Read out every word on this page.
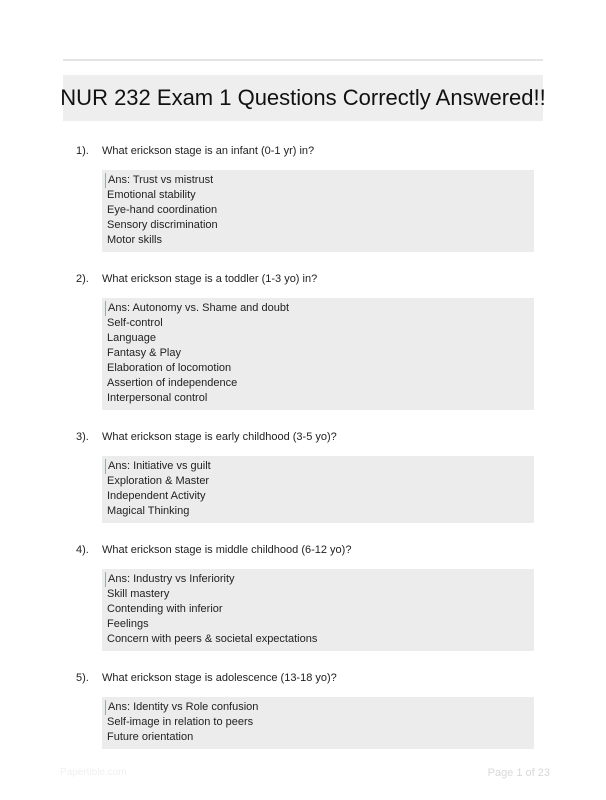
NUR 232 Exam 1 Questions Correctly Answered!!
1). What erickson stage is an infant (0-1 yr) in?
Ans: Trust vs mistrust
Emotional stability
Eye-hand coordination
Sensory discrimination
Motor skills
2). What erickson stage is a toddler (1-3 yo) in?
Ans: Autonomy vs. Shame and doubt
Self-control
Language
Fantasy & Play
Elaboration of locomotion
Assertion of independence
Interpersonal control
3). What erickson stage is early childhood (3-5 yo)?
Ans: Initiative vs guilt
Exploration & Master
Independent Activity
Magical Thinking
4). What erickson stage is middle childhood (6-12 yo)?
Ans: Industry vs Inferiority
Skill mastery
Contending with inferior
Feelings
Concern with peers & societal expectations
5). What erickson stage is adolescence (13-18 yo)?
Ans: Identity vs Role confusion
Self-image in relation to peers
Future orientation
Papertible.com	Page 1 of 23
